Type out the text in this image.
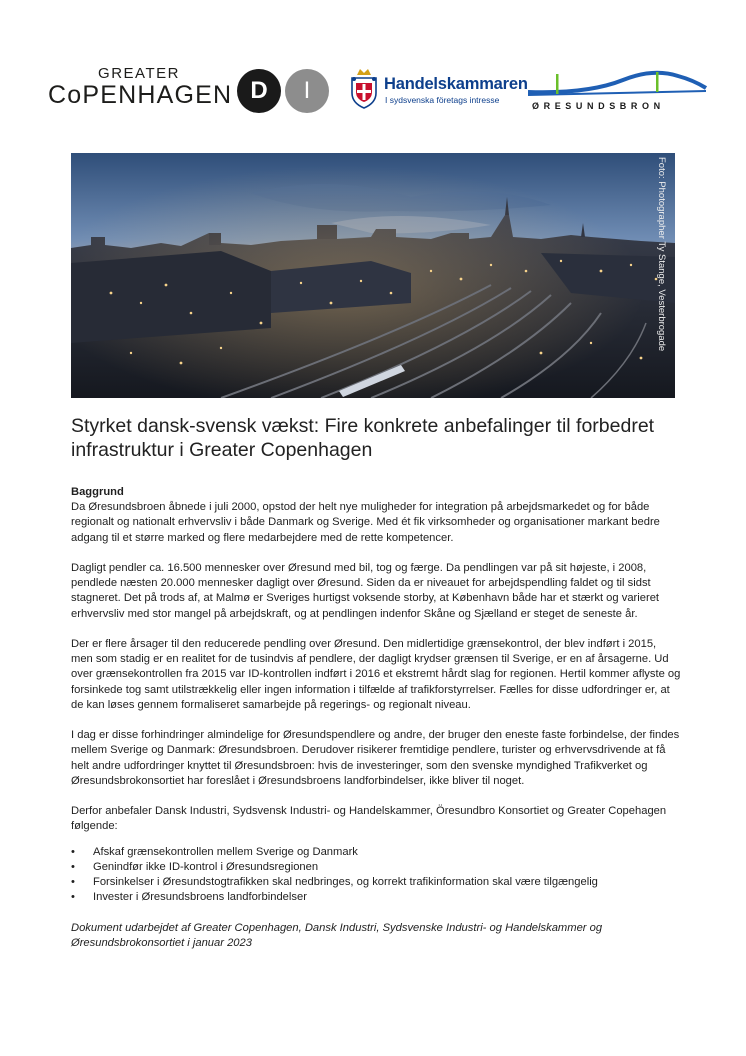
GREATER
CoPENHAGEN D	I	Handelskammaren
I sydsvenska företags intresse
ØRESUNDSBRON
Foto: Photographer Ty Stange, Vesterbrogade
Styrket dansk-svensk vækst: Fire konkrete anbefalinger til forbedret infrastruktur i Greater Copenhagen
Baggrund

Da Øresundsbroen åbnede i juli 2000, opstod der helt nye muligheder for integration på arbejdsmarkedet og for både regionalt og nationalt erhvervsliv i både Danmark og Sverige. Med ét fik virksomheder og organisationer markant bedre adgang til et større marked og flere medarbejdere med de rette kompetencer.

Dagligt pendler ca. 16.500 mennesker over Øresund med bil, tog og færge. Da pendlingen var på sit højeste, i 2008, pendlede næsten 20.000 mennesker dagligt over Øresund. Siden da er niveauet for arbejdspendling faldet og til sidst stagneret. Det på trods af, at Malmø er Sveriges hurtigst voksende storby, at København både har et stærkt og varieret erhvervsliv med stor mangel på arbejdskraft, og at pendlingen indenfor Skåne og Sjælland er steget de seneste år.

Der er flere årsager til den reducerede pendling over Øresund. Den midlertidige grænsekontrol, der blev indført i 2015, men som stadig er en realitet for de tusindvis af pendlere, der dagligt krydser grænsen til Sverige, er en af årsagerne. Ud over grænsekontrollen fra 2015 var ID-kontrollen indført i 2016 et ekstremt hårdt slag for regionen. Hertil kommer aflyste og forsinkede tog samt utilstrækkelig eller ingen information i tilfælde af trafikforstyrrelser. Fælles for disse udfordringer er, at de kan løses gennem formaliseret samarbejde på regerings- og regionalt niveau.

I dag er disse forhindringer almindelige for Øresundspendlere og andre, der bruger den eneste faste forbindelse, der findes mellem Sverige og Danmark: Øresundsbroen. Derudover risikerer fremtidige pendlere, turister og erhvervsdrivende at få helt andre udfordringer knyttet til Øresundsbroen: hvis de investeringer, som den svenske myndighed Trafikverket og Øresundsbrokonsortiet har foreslået i Øresundsbroens landforbindelser, ikke bliver til noget.

Derfor anbefaler Dansk Industri, Sydsvensk Industri- og Handelskammer, Öresundbro Konsortiet og Greater Copehagen følgende:

• Afskaf grænsekontrollen mellem Sverige og Danmark
• Genindfør ikke ID-kontrol i Øresundsregionen
• Forsinkelser i Øresundstogtrafikken skal nedbringes, og korrekt trafikinformation skal være tilgængelig
• Invester i Øresundsbroens landforbindelser
Dokument udarbejdet af Greater Copenhagen, Dansk Industri, Sydsvenske Industri- og Handelskammer og Øresundsbrokonsortiet i januar 2023
